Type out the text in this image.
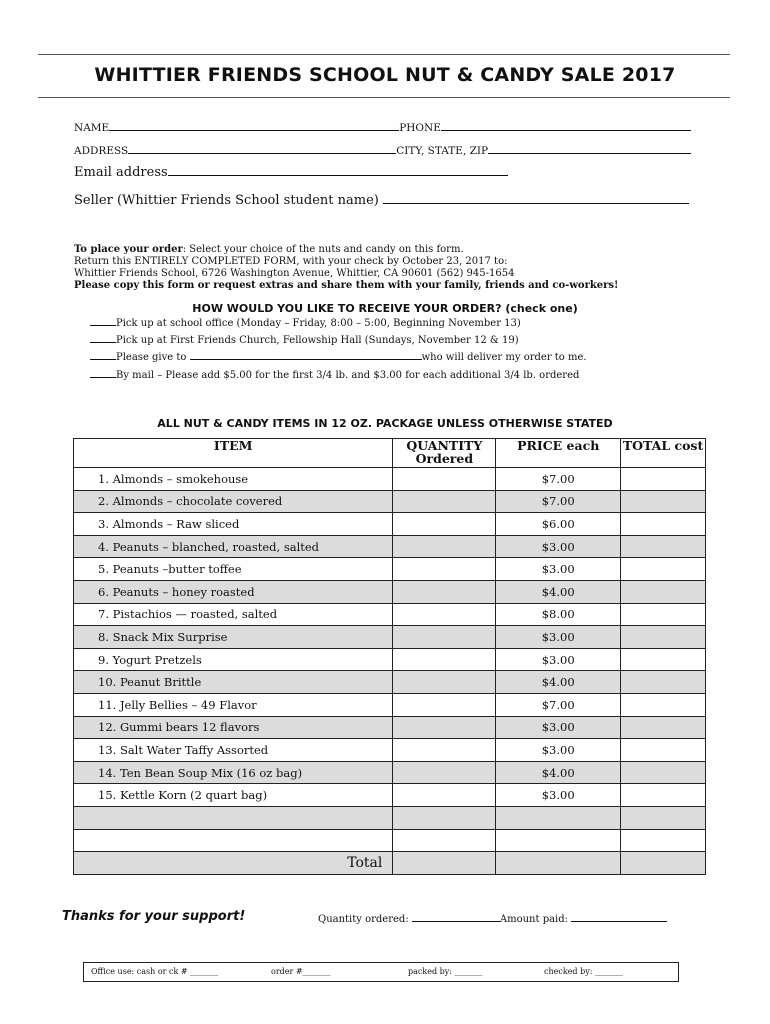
WHITTIER FRIENDS SCHOOL NUT & CANDY SALE 2017
NAME	PHONE
ADDRESS	CITY, STATE, ZIP
Email address
Seller (Whittier Friends School student name)
To place your order: Select your choice of the nuts and candy on this form.
Return this ENTIRELY COMPLETED FORM, with your check by October 23, 2017 to:
Whittier Friends School, 6726 Washington Avenue, Whittier, CA 90601 (562) 945-1654
Please copy this form or request extras and share them with your family, friends and co-workers!
HOW WOULD YOU LIKE TO RECEIVE YOUR ORDER? (check one)
Pick up at school office (Monday – Friday, 8:00 – 5:00, Beginning November 13)
Pick up at First Friends Church, Fellowship Hall (Sundays, November 12 & 19)
Please give to	who will deliver my order to me.
By mail – Please add $5.00 for the first 3/4 lb. and $3.00 for each additional 3/4 lb. ordered
ALL NUT & CANDY ITEMS IN 12 OZ. PACKAGE UNLESS OTHERWISE STATED
ITEM	QUANTITY Ordered	PRICE each	TOTAL cost
1. Almonds – smokehouse		$7.00	
2. Almonds – chocolate covered		$7.00	
3. Almonds – Raw sliced		$6.00	
4. Peanuts – blanched, roasted, salted		$3.00	
5. Peanuts –butter toffee		$3.00	
6. Peanuts – honey roasted		$4.00	
7. Pistachios — roasted, salted		$8.00	
8. Snack Mix Surprise		$3.00	
9. Yogurt Pretzels		$3.00	
10. Peanut Brittle		$4.00	
11. Jelly Bellies – 49 Flavor		$7.00	
12. Gummi bears 12 flavors		$3.00	
13. Salt Water Taffy Assorted		$3.00	
14. Ten Bean Soup Mix (16 oz bag)		$4.00	
15. Kettle Korn (2 quart bag)		$3.00	

Total			
Thanks for your support!	Quantity ordered:	Amount paid:
Office use: cash or ck # _______	order #_______	packed by: _______	checked by: _______
